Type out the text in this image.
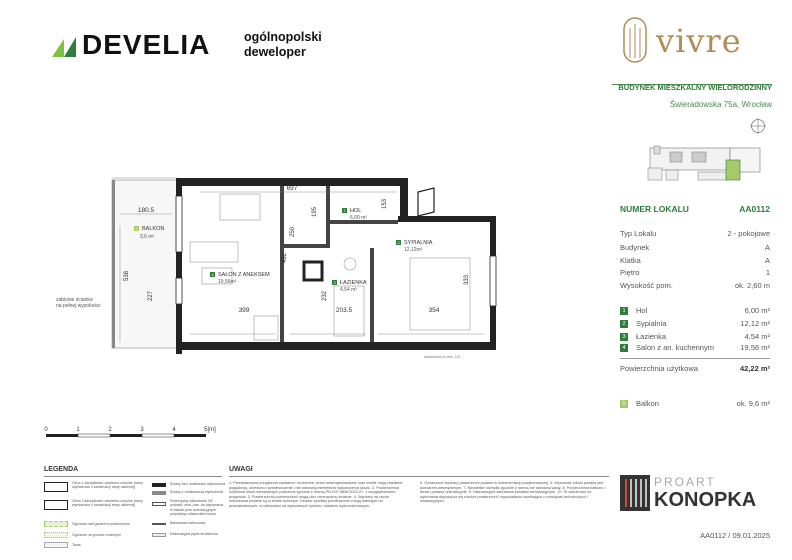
DEVELIA	ogólnopolski
deweloper	vivre
BUDYNEK MIESZKALNY WIELORODZINNY
Świeradowska 75a, Wrocław
NUMER LOKALU	AA0112
Typ Lokalu	2 - pokojowe
Budynek	A
Klatka	A
Piętro	1
Wysokość pom.	ok. 2,60 m
1	Hol	6,00 m²
2	Sypialnia	12,12 m²
3	Łazienka	4,54 m²
4	Salon z an. kuchennym	19,56 m²
Powierzchnia użytkowa	42,22 m²
5	Balkon	ok. 9,6 m²
180.5
538
227
697
153
195
250
492
232
333
399	203.5	354
5 BALKON
9,6 m²
1 HOL
6,00 m²
2 SYPIALNIA
12,12m²
4 SALON Z ANEKSEM
19,56m²	3 ŁAZIENKA
4,54 m²
zabiowe ścianka
na pełnej wysokości
balustrada h=min 110
0	1	2	3	4	5[m]
LEGENDA
Okno 1-skrzydłowe rozwierno-uchylne (ramy wymiarowe z konstrukcji ramy okiennej)
Okno 2-skrzydłowe rozwierno-uchylne (ramy wymiarowe z konstrukcji ramy okiennej)
Ogrzanie nad garażem podziemnym
Ogrzanie na gruncie rodzimym
Taras
Ściany bez możliwości wyburzenia
Ściany z możliwością wyburzenia
Potencjalny zabudowie GK podsieć: wod.-kan. do wykonania w trakcie prac aranżacyjnych przyszłego właściciela lokalu
Balustrada balkonowa
Dekoracyjna płyta na balkonie
UWAGI
1. Przedstawiona urządzenia sanitarne i kuchenne, drzwi wewnątrzlokalowe oraz meble mają charakter poglądowy, określono rozmieszczenie i nie stanowią elementów wykończenia lokalu. 2. Powierzchnia użytkowa lokali mieszkalnych policzona zgodnie z normą PN-ISO 9836:2022-07, z uwzględnieniem przypisów. 3. Powierzchnia pomieszczeń mogą ulec nieznacznej zmianie. 4. Wymiary na rzucie mieszkania podane są w stanie surowym. Realne wymiary pomieszczeń mogą odbiegać od przedstawionych, w zależności od wykonanych tynków i okładzin wykończeniowych.
5. Oznaczone wymiary powierzchni podane w dokumentacji powykonawczej. 6. Wysokość lokalu podana jest pomiarem wewnętrznym. 7. Niewielkie odchyłki zgodnie z normą nie stanowią wady. 8. Powierzchnia balkonu i tarasu podana orientacyjnie. 9. Nieinwazyjna zabudowa kanałów wentylacyjnych. 10. W zależności od wykonania dopuszcza się różnice powierzchni i wyposażenia wynikające z rozwiązań technicznych i instalacyjnych.
PROART
KONOPKA
AA0112 / 09.01.2025
